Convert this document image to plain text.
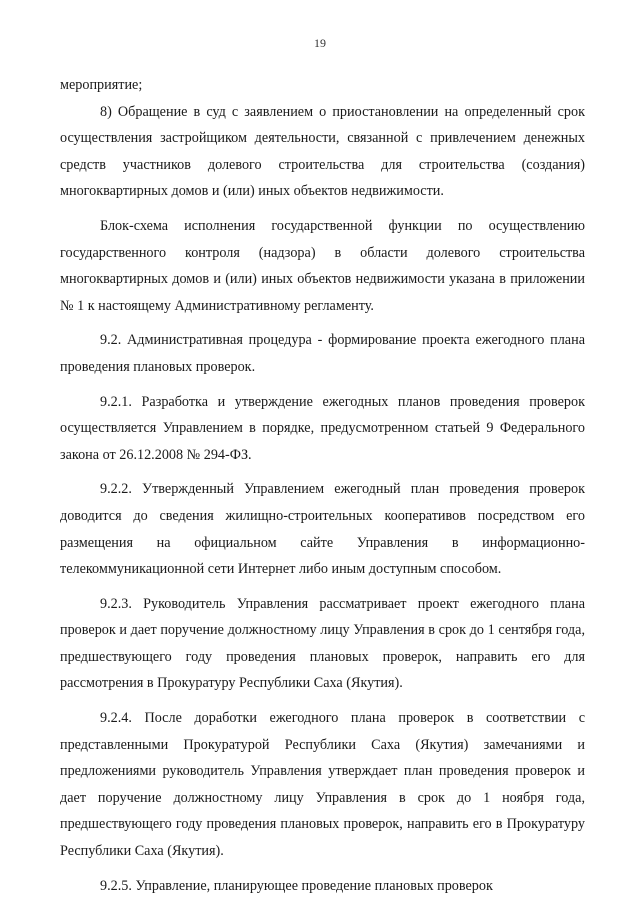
19

мероприятие;

8) Обращение в суд с заявлением о приостановлении на определенный срок осуществления застройщиком деятельности, связанной с привлечением денежных средств участников долевого строительства для строительства (создания) многоквартирных домов и (или) иных объектов недвижимости.

Блок-схема исполнения государственной функции по осуществлению государственного контроля (надзора) в области долевого строительства многоквартирных домов и (или) иных объектов недвижимости указана в приложении № 1 к настоящему Административному регламенту.

9.2. Административная процедура - формирование проекта ежегодного плана проведения плановых проверок.

9.2.1. Разработка и утверждение ежегодных планов проведения проверок осуществляется Управлением в порядке, предусмотренном статьей 9 Федерального закона от 26.12.2008 № 294-ФЗ.

9.2.2. Утвержденный Управлением ежегодный план проведения проверок доводится до сведения жилищно-строительных кооперативов посредством его размещения на официальном сайте Управления в информационно-телекоммуникационной сети Интернет либо иным доступным способом.

9.2.3. Руководитель Управления рассматривает проект ежегодного плана проверок и дает поручение должностному лицу Управления в срок до 1 сентября года, предшествующего году проведения плановых проверок, направить его для рассмотрения в Прокуратуру Республики Саха (Якутия).

9.2.4. После доработки ежегодного плана проверок в соответствии с представленными Прокуратурой Республики Саха (Якутия) замечаниями и предложениями руководитель Управления утверждает план проведения проверок и дает поручение должностному лицу Управления в срок до 1 ноября года, предшествующего году проведения плановых проверок, направить его в Прокуратуру Республики Саха (Якутия).

9.2.5. Управление, планирующее проведение плановых проверок
